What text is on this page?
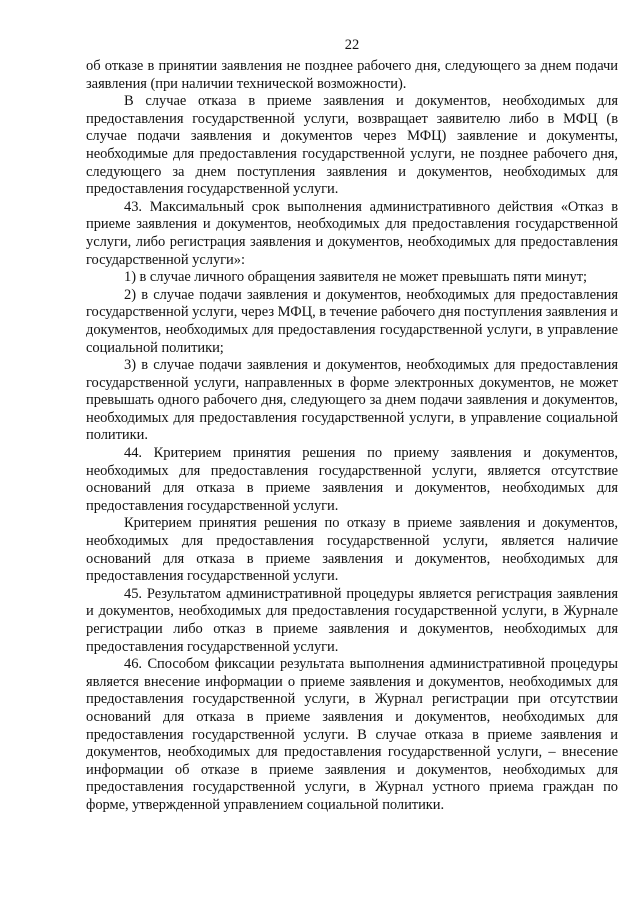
22

об отказе в принятии заявления не позднее рабочего дня, следующего за днем подачи заявления (при наличии технической возможности).

В случае отказа в приеме заявления и документов, необходимых для предоставления государственной услуги, возвращает заявителю либо в МФЦ (в случае подачи заявления и документов через МФЦ) заявление и документы, необходимые для предоставления государственной услуги, не позднее рабочего дня, следующего за днем поступления заявления и документов, необходимых для предоставления государственной услуги.

43. Максимальный срок выполнения административного действия «Отказ в приеме заявления и документов, необходимых для предоставления государственной услуги, либо регистрация заявления и документов, необходимых для предоставления государственной услуги»:

1) в случае личного обращения заявителя не может превышать пяти минут;

2) в случае подачи заявления и документов, необходимых для предоставления государственной услуги, через МФЦ, в течение рабочего дня поступления заявления и документов, необходимых для предоставления государственной услуги, в управление социальной политики;

3) в случае подачи заявления и документов, необходимых для предоставления государственной услуги, направленных в форме электронных документов, не может превышать одного рабочего дня, следующего за днем подачи заявления и документов, необходимых для предоставления государственной услуги, в управление социальной политики.

44. Критерием принятия решения по приему заявления и документов, необходимых для предоставления государственной услуги, является отсутствие оснований для отказа в приеме заявления и документов, необходимых для предоставления государственной услуги.

Критерием принятия решения по отказу в приеме заявления и документов, необходимых для предоставления государственной услуги, является наличие оснований для отказа в приеме заявления и документов, необходимых для предоставления государственной услуги.

45. Результатом административной процедуры является регистрация заявления и документов, необходимых для предоставления государственной услуги, в Журнале регистрации либо отказ в приеме заявления и документов, необходимых для предоставления государственной услуги.

46. Способом фиксации результата выполнения административной процедуры является внесение информации о приеме заявления и документов, необходимых для предоставления государственной услуги, в Журнал регистрации при отсутствии оснований для отказа в приеме заявления и документов, необходимых для предоставления государственной услуги. В случае отказа в приеме заявления и документов, необходимых для предоставления государственной услуги, – внесение информации об отказе в приеме заявления и документов, необходимых для предоставления государственной услуги, в Журнал устного приема граждан по форме, утвержденной управлением социальной политики.
